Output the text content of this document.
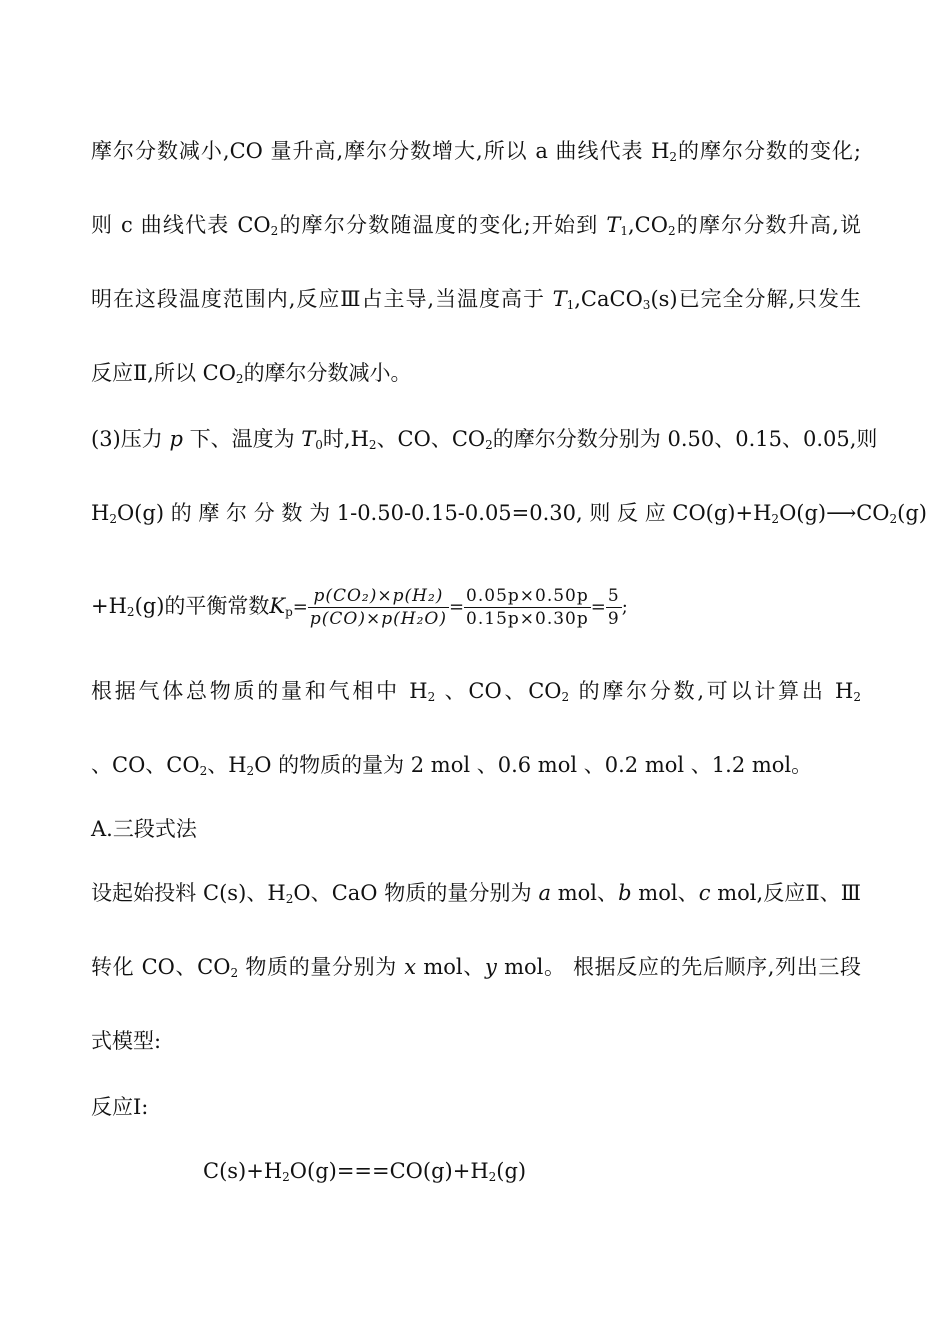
摩尔分数减小,CO 量升高,摩尔分数增大,所以 a 曲线代表 $H_2$的摩尔分数的变化;
则 c 曲线代表 $CO_2$的摩尔分数随温度的变化;开始到 $T_1,CO_2$的摩尔分数升高,说
明在这段温度范围内,反应Ⅲ占主导,当温度高于 $T_1,CaCO_3(s)$已完全分解,只发生
反应Ⅱ,所以 $CO_2$的摩尔分数减小。
(3)压力 p 下、温度为 $T_0$时$,H_2$、CO、$CO_2$的摩尔分数分别为 0.50、0.15、0.05,则
$H_2O(g)$ 的 摩 尔 分 数 为 1-0.50-0.15-0.05=0.30, 则 反 应 $CO(g)+H_2O(g)⟶CO_2(g)$
$+H_2(g)$的平衡常数$K_p= \frac{\text{p(CO₂)×p(H₂)}}{\text{p(CO)×p(H₂O)}} = \frac{0.05p\times 0.50p}{0.15p\times 0.30p} = \frac{5}{9}$ ;
根据气体总物质的量和气相中 $H_2$ 、CO、$CO_2$ 的摩尔分数,可以计算出 $H_2$
、CO、$CO_2$、$H_2O$ 的物质的量为 2 mol 、0.6 mol 、0.2 mol 、1.2 mol。
A.三段式法
设起始投料 C(s)、$H_2O$、CaO 物质的量分别为 a mol、b mol、c mol,反应Ⅱ、Ⅲ
转化 CO、$CO_2$ 物质的量分别为 x mol、y mol。 根据反应的先后顺序,列出三段
式模型:
反应Ⅰ:
$C(s)+H_2O(g)===CO(g)+H_2(g)$
